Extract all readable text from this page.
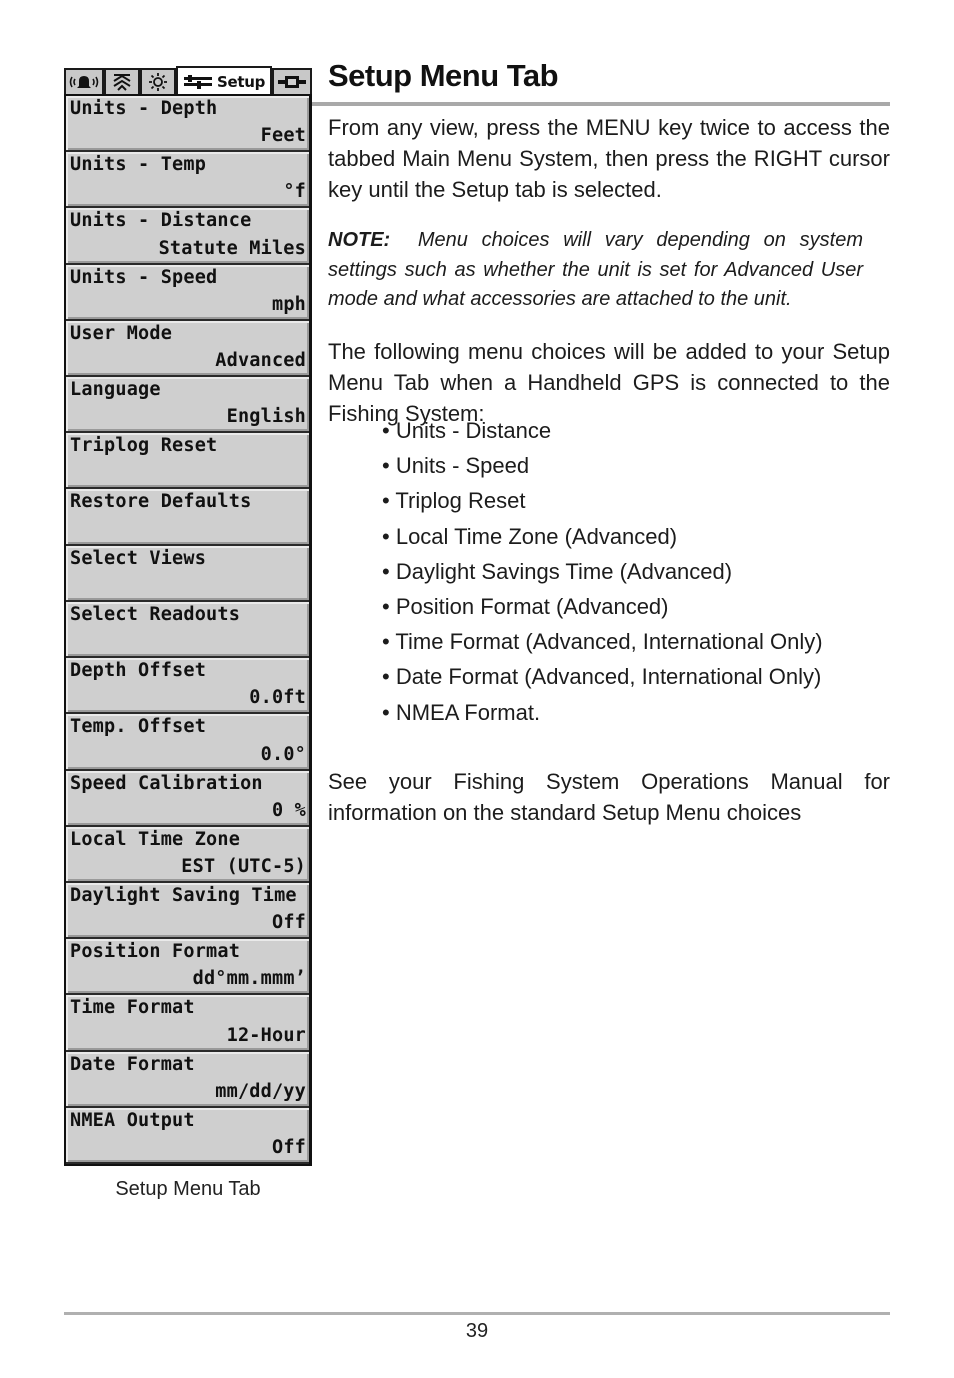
Setup
Units - Depth
Feet
Units - Temp
°f
Units - Distance
Statute Miles
Units - Speed
mph
User Mode
Advanced
Language
English
Triplog Reset
Restore Defaults
Select Views
Select Readouts
Depth Offset
0.0ft
Temp. Offset
0.0°
Speed Calibration
0 %
Local Time Zone
EST (UTC-5)
Daylight Saving Time
Off
Position Format
dd°mm.mmm’
Time Format
12-Hour
Date Format
mm/dd/yy
NMEA Output
Off
Setup Menu Tab
Setup Menu Tab
From any view, press the MENU key twice to access the tabbed Main Menu System, then press the RIGHT cursor key until the Setup tab is selected.
NOTE: Menu choices will vary depending on system settings such as whether the unit is set for Advanced User mode and what accessories are attached to the unit.
The following menu choices will be added to your Setup Menu Tab when a Handheld GPS is connected to the Fishing System:
• Units - Distance
• Units - Speed
• Triplog Reset
• Local Time Zone (Advanced)
• Daylight Savings Time (Advanced)
• Position Format (Advanced)
• Time Format (Advanced, International Only)
• Date Format (Advanced, International Only)
• NMEA Format.
See your Fishing System Operations Manual for information on the standard Setup Menu choices
39
